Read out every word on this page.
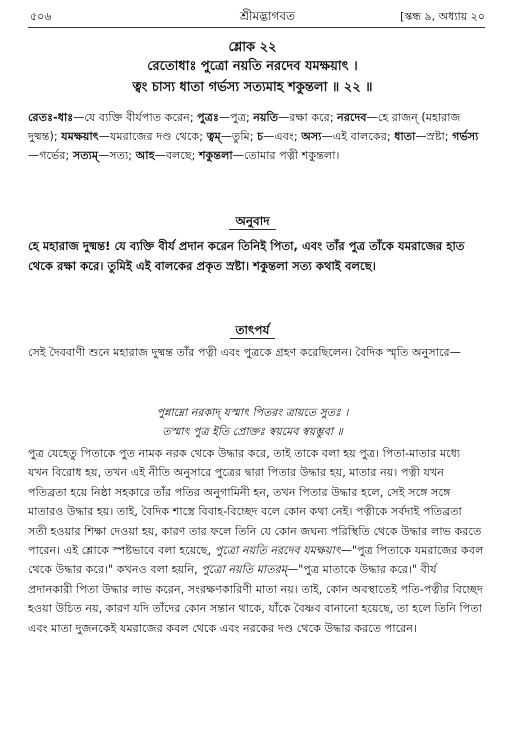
৫০৬	শ্রীমদ্ভাগবত	[স্কন্ধ ৯, অধ্যায় ২০
শ্লোক ২২
রেতোধাঃ পুত্রো নয়তি নরদেব যমক্ষয়াৎ ।
ত্বং চাস্য ধাতা গর্ভস্য সত্যমাহ শকুন্তলা ॥ ২২ ॥
রেতঃ-ধাঃ—যে ব্যক্তি বীর্যপাত করেন; পুত্রঃ—পুত্র; নয়তি—রক্ষা করে; নরদেব—হে রাজন্ (মহারাজ দুষ্মন্ত); যমক্ষয়াৎ—যমরাজের দণ্ড থেকে; ত্বম্—তুমি; চ—এবং; অস্য—এই বালকের; ধাতা—স্রষ্টা; গর্ভস্য—গর্ভের; সত্যম্—সত্য; আহ—বলছে; শকুন্তলা—তোমার পত্নী শকুন্তলা।
অনুবাদ
হে মহারাজ দুষ্মন্ত! যে ব্যক্তি বীর্য প্রদান করেন তিনিই পিতা, এবং তাঁর পুত্র তাঁকে যমরাজের হাত থেকে রক্ষা করে। তুমিই এই বালকের প্রকৃত স্রষ্টা। শকুন্তলা সত্য কথাই বলছে।
তাৎপর্য
সেই দৈববাণী শুনে মহারাজ দুষ্মন্ত তাঁর পত্নী এবং পুত্রকে গ্রহণ করেছিলেন। বৈদিক স্মৃতি অনুসারে—
পুন্নাম্নো নরকাদ্ যস্মাৎ পিতরং ত্রায়তে সুতঃ ।
তস্মাৎ পুত্র ইতি প্রোক্তঃ স্বয়মেব স্বয়ম্ভুবা ॥
পুত্র যেহেতু পিতাকে পুত নামক নরক থেকে উদ্ধার করে, তাই তাকে বলা হয় পুত্র। পিতা-মাতার মধ্যে যখন বিরোধ হয়, তখন এই নীতি অনুসারে পুত্রের দ্বারা পিতার উদ্ধার হয়, মাতার নয়। পত্নী যখন পতিব্রতা হয়ে নিষ্ঠা সহকারে তাঁর পতির অনুগামিনী হন, তখন পিতার উদ্ধার হলে, সেই সঙ্গে সঙ্গে মাতারও উদ্ধার হয়। তাই, বৈদিক শাস্ত্রে বিবাহ-বিচ্ছেদ বলে কোন কথা নেই। পত্নীকে সর্বদাই পতিব্রতা সতী হওয়ার শিক্ষা দেওয়া হয়, কারণ তার ফলে তিনি যে কোন জঘন্য পরিস্থিতি থেকে উদ্ধার লাভ করতে পারেন। এই শ্লোকে স্পষ্টভাবে বলা হয়েছে, পুত্রো নয়তি নরদেব যমক্ষয়াৎ—"পুত্র পিতাকে যমরাজের কবল থেকে উদ্ধার করে।" কখনও বলা হয়নি, পুত্রো নয়তি মাতরম্—"পুত্র মাতাকে উদ্ধার করে।" বীর্য প্রদানকারী পিতা উদ্ধার লাভ করেন, সংরক্ষণকারিণী মাতা নয়। তাই, কোন অবস্থাতেই পতি-পত্নীর বিচ্ছেদ হওয়া উচিত নয়, কারণ যদি তাঁদের কোন সন্তান থাকে, যাঁকে বৈষ্ণব বানানো হয়েছে, তা হলে তিনি পিতা এবং মাতা দুজনকেই যমরাজের কবল থেকে এবং নরকের দণ্ড থেকে উদ্ধার করতে পারেন।
